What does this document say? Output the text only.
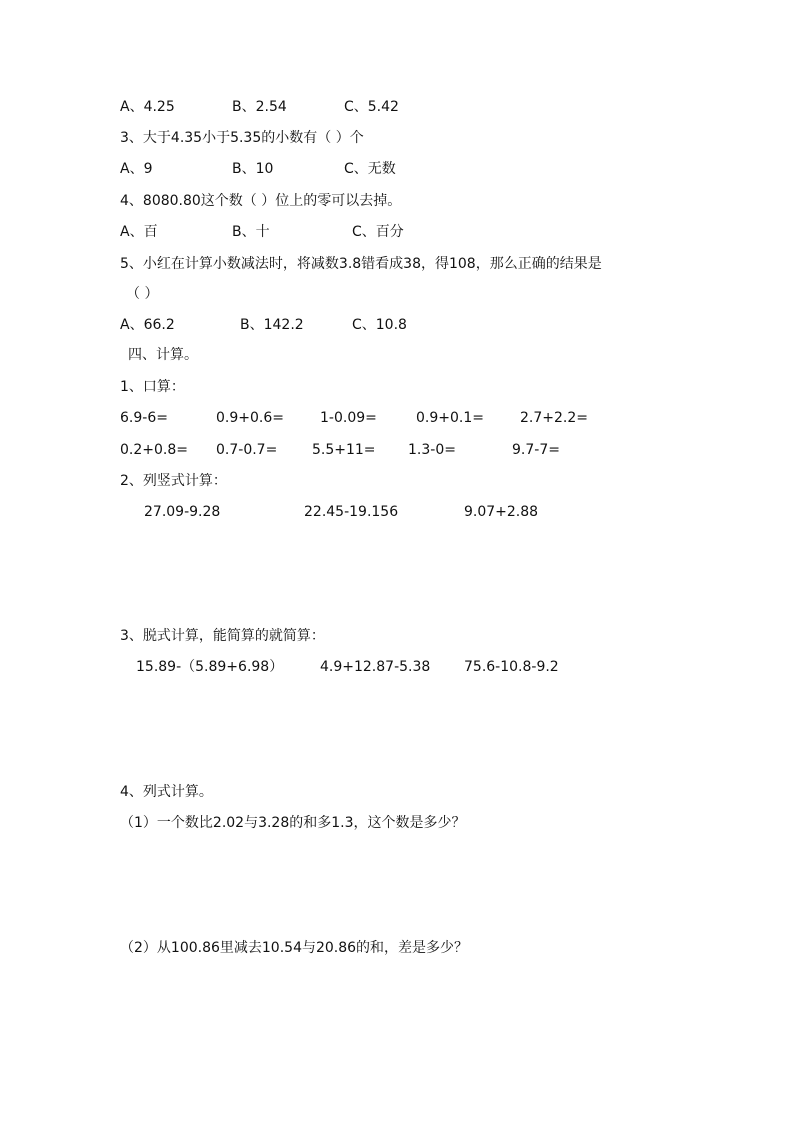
A、4.25	B、2.54	C、5.42
3、大于4.35小于5.35的小数有（ ）个
A、9	B、10	C、无数
4、8080.80这个数（ ）位上的零可以去掉。
A、百	B、十	C、百分
5、小红在计算小数减法时，将减数3.8错看成38，得108，那么正确的结果是
（ ）
A、66.2	B、142.2	C、10.8
四、计算。
1、口算：
6.9-6=	0.9+0.6=	1-0.09=	0.9+0.1=	2.7+2.2=
0.2+0.8= 0.7-0.7= 5.5+11= 1.3-0=	9.7-7=
2、列竖式计算：
27.09-9.28	22.45-19.156	9.07+2.88
3、脱式计算，能简算的就简算：
15.89-（5.89+6.98）	4.9+12.87-5.38 75.6-10.8-9.2
4、列式计算。
（1）一个数比2.02与3.28的和多1.3，这个数是多少？
（2）从100.86里减去10.54与20.86的和，差是多少？
